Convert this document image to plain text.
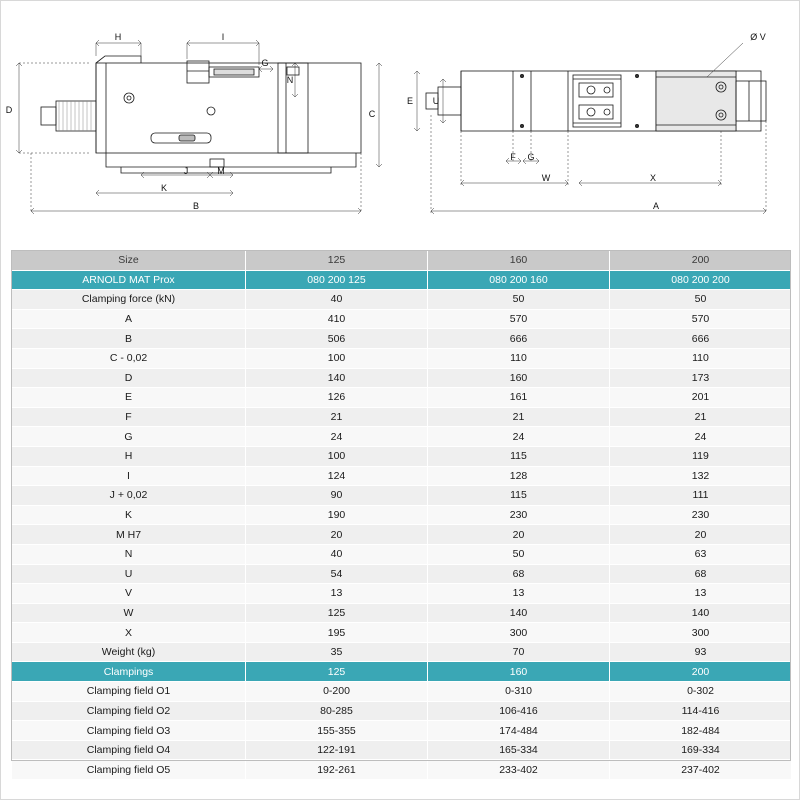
H	I
G
N
D	C
J	M
K
B
Ø V
E U
F G
W	X
A
Size	125	160	200
ARNOLD MAT Prox	080 200 125	080 200 160	080 200 200
Clamping force (kN)	40	50	50
A	410	570	570
B	506	666	666
C - 0,02	100	110	110
D	140	160	173
E	126	161	201
F	21	21	21
G	24	24	24
H	100	115	119
I	124	128	132
J + 0,02	90	115	111
K	190	230	230
M H7	20	20	20
N	40	50	63
U	54	68	68
V	13	13	13
W	125	140	140
X	195	300	300
Weight (kg)	35	70	93
Clampings	125	160	200
Clamping field O1	0-200	0-310	0-302
Clamping field O2	80-285	106-416	114-416
Clamping field O3	155-355	174-484	182-484
Clamping field O4	122-191	165-334	169-334
Clamping field O5	192-261	233-402	237-402
